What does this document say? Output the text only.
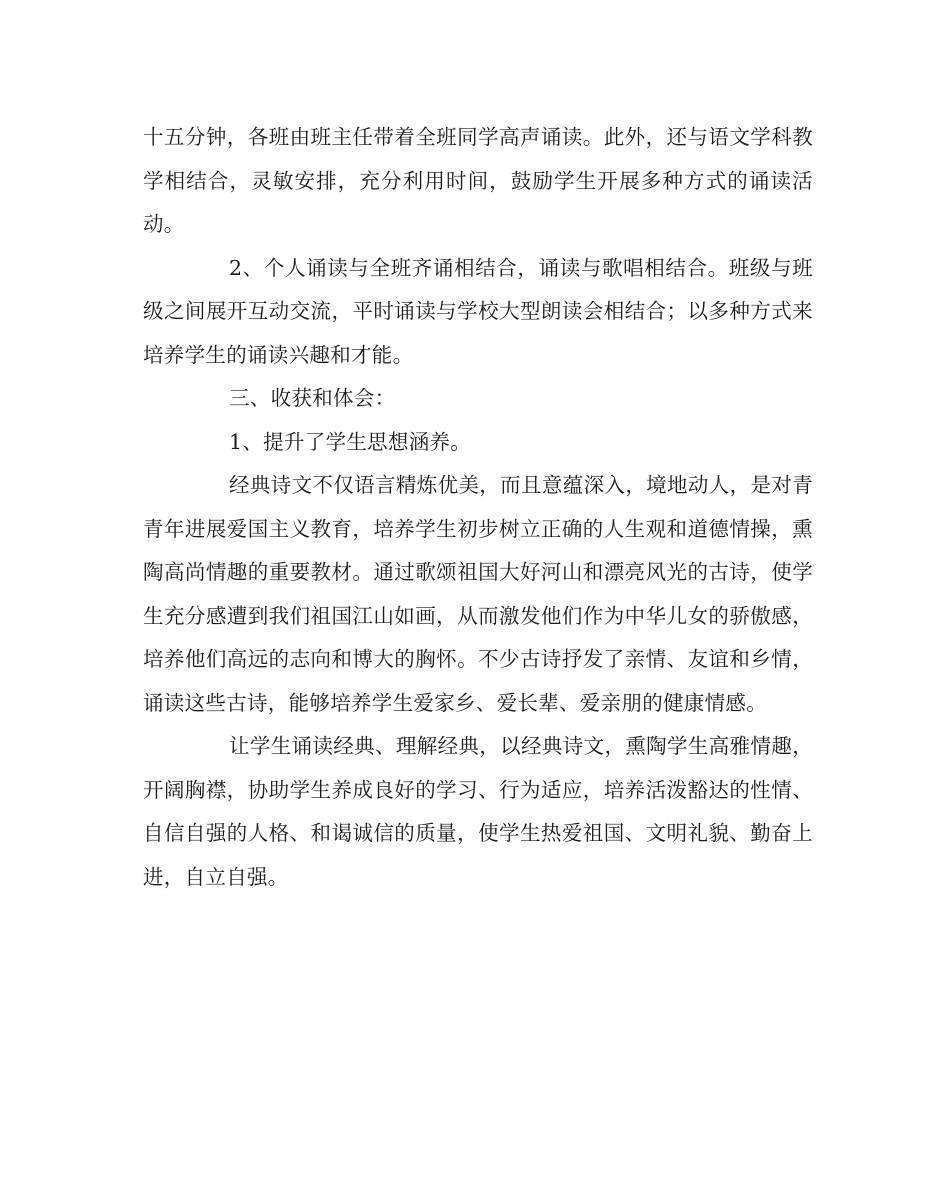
十五分钟，各班由班主任带着全班同学高声诵读。此外，还与语文学科教学相结合，灵敏安排，充分利用时间，鼓励学生开展多种方式的诵读活动。

2、个人诵读与全班齐诵相结合，诵读与歌唱相结合。班级与班级之间展开互动交流，平时诵读与学校大型朗读会相结合；以多种方式来培养学生的诵读兴趣和才能。

三、收获和体会：

1、提升了学生思想涵养。

经典诗文不仅语言精炼优美，而且意蕴深入，境地动人，是对青青年进展爱国主义教育，培养学生初步树立正确的人生观和道德情操，熏陶高尚情趣的重要教材。通过歌颂祖国大好河山和漂亮风光的古诗，使学生充分感遭到我们祖国江山如画，从而激发他们作为中华儿女的骄傲感，培养他们高远的志向和博大的胸怀。不少古诗抒发了亲情、友谊和乡情，诵读这些古诗，能够培养学生爱家乡、爱长辈、爱亲朋的健康情感。

让学生诵读经典、理解经典，以经典诗文，熏陶学生高雅情趣，开阔胸襟，协助学生养成良好的学习、行为适应，培养活泼豁达的性情、自信自强的人格、和谒诚信的质量，使学生热爱祖国、文明礼貌、勤奋上进，自立自强。
